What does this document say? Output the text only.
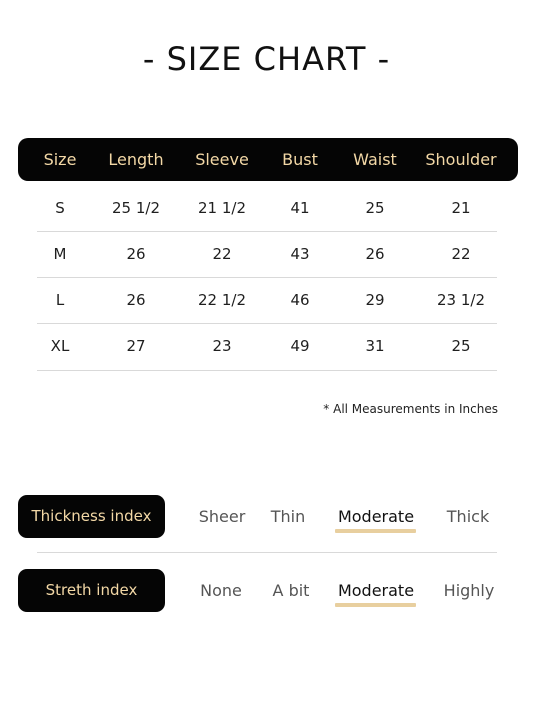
- SIZE CHART -
Size	Length	Sleeve	Bust	Waist	Shoulder
S	25 1/2	21 1/2	41	25	21
M	26	22	43	26	22
L	26	22 1/2	46	29	23 1/2
XL	27	23	49	31	25
* All Measurements in Inches
Thickness index	Sheer	Thin	Moderate	Thick
Streth index	None	A bit	Moderate	Highly
